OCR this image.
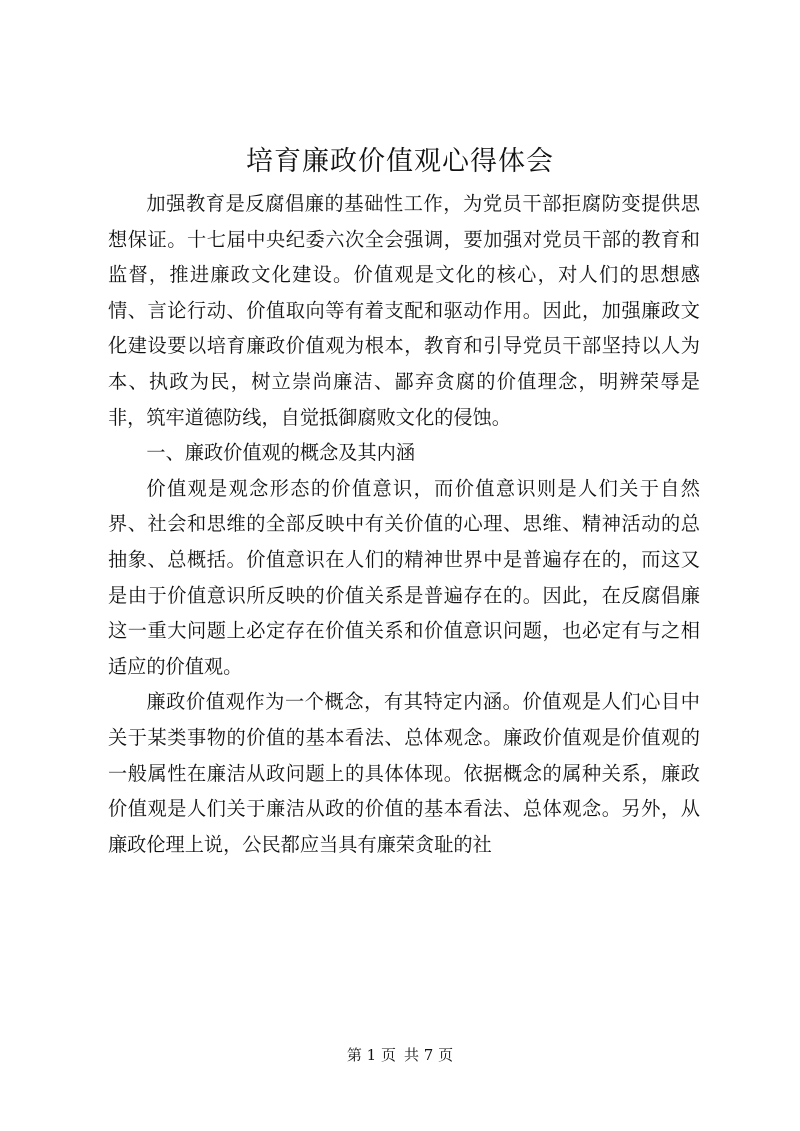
培育廉政价值观心得体会

加强教育是反腐倡廉的基础性工作，为党员干部拒腐防变提供思想保证。十七届中央纪委六次全会强调，要加强对党员干部的教育和监督，推进廉政文化建设。价值观是文化的核心，对人们的思想感情、言论行动、价值取向等有着支配和驱动作用。因此，加强廉政文化建设要以培育廉政价值观为根本，教育和引导党员干部坚持以人为本、执政为民，树立崇尚廉洁、鄙弃贪腐的价值理念，明辨荣辱是非，筑牢道德防线，自觉抵御腐败文化的侵蚀。

一、廉政价值观的概念及其内涵

价值观是观念形态的价值意识，而价值意识则是人们关于自然界、社会和思维的全部反映中有关价值的心理、思维、精神活动的总抽象、总概括。价值意识在人们的精神世界中是普遍存在的，而这又是由于价值意识所反映的价值关系是普遍存在的。因此，在反腐倡廉这一重大问题上必定存在价值关系和价值意识问题，也必定有与之相适应的价值观。

廉政价值观作为一个概念，有其特定内涵。价值观是人们心目中关于某类事物的价值的基本看法、总体观念。廉政价值观是价值观的一般属性在廉洁从政问题上的具体体现。依据概念的属种关系，廉政价值观是人们关于廉洁从政的价值的基本看法、总体观念。另外，从廉政伦理上说，公民都应当具有廉荣贪耻的社

第 1 页 共 7 页
